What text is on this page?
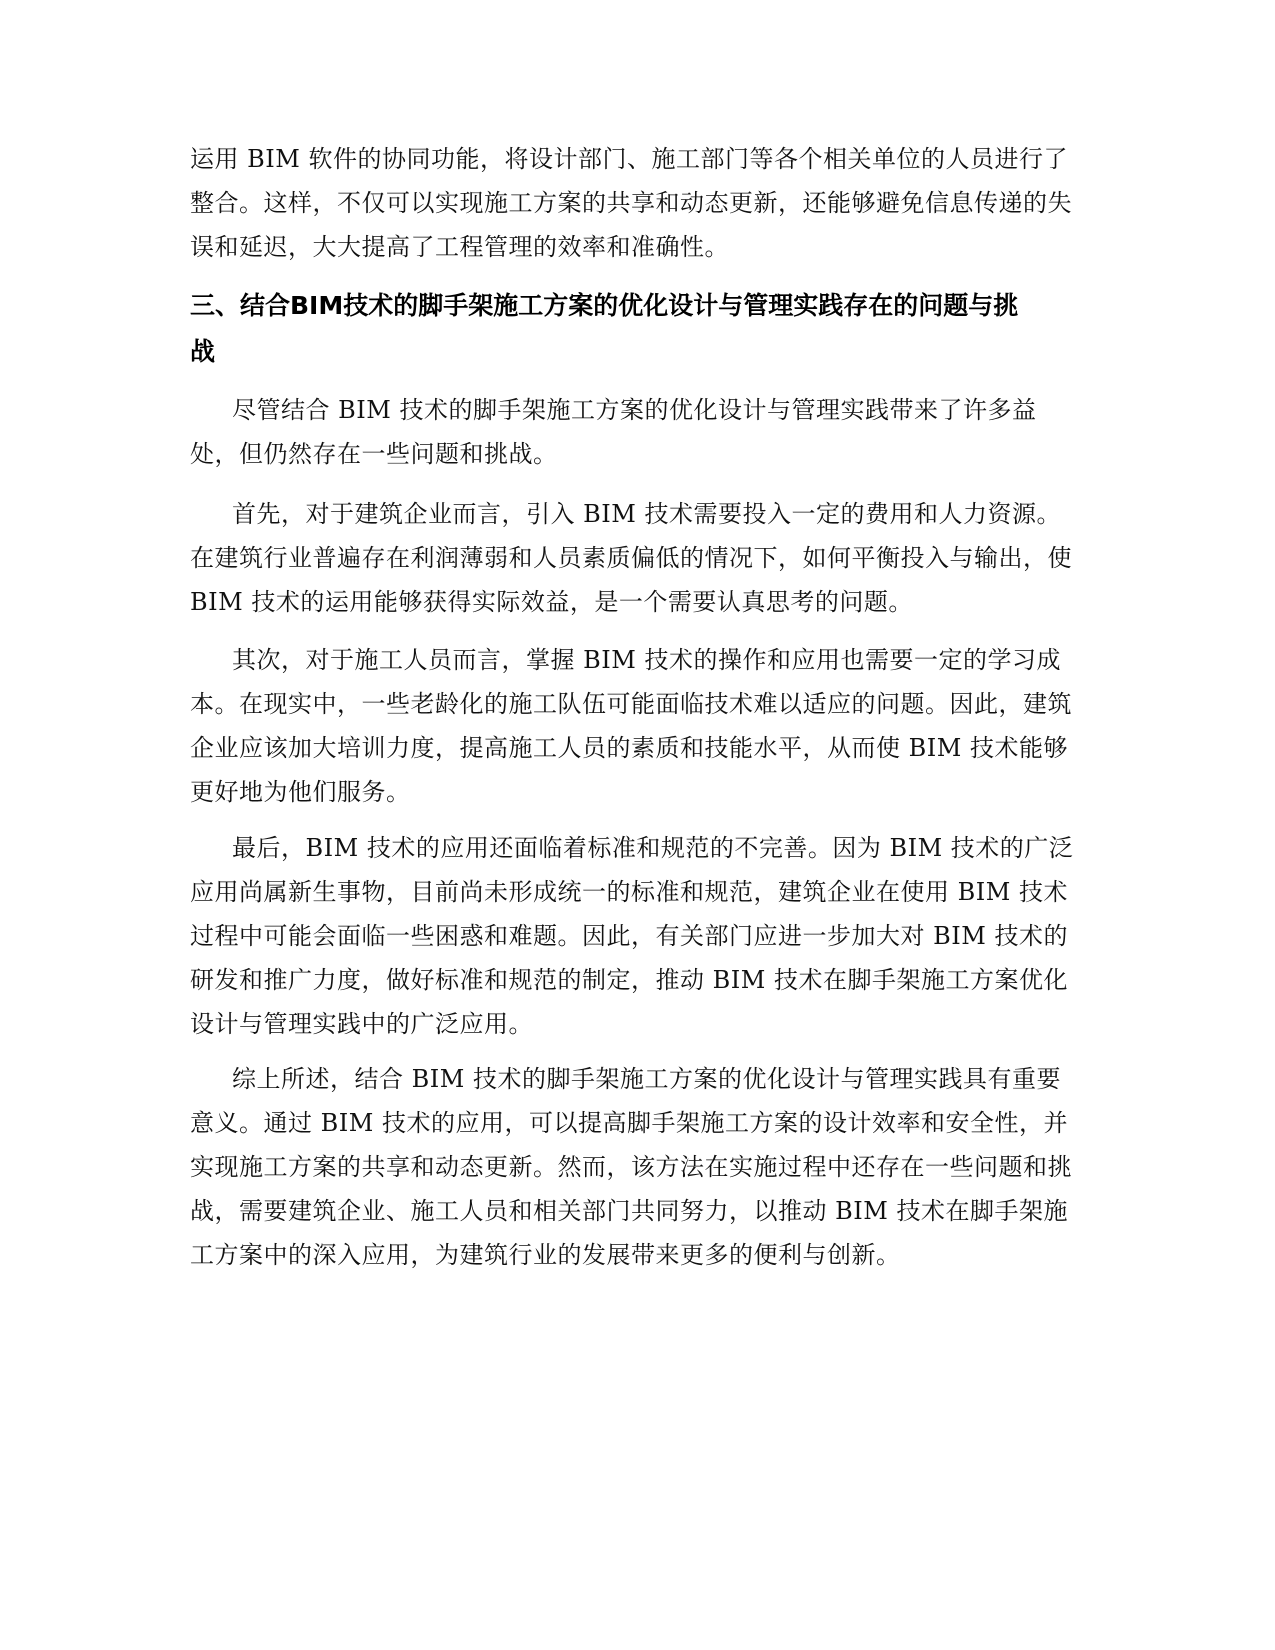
运用 BIM 软件的协同功能，将设计部门、施工部门等各个相关单位的人员进行了
整合。这样，不仅可以实现施工方案的共享和动态更新，还能够避免信息传递的失
误和延迟，大大提高了工程管理的效率和准确性。
三、结合BIM技术的脚手架施工方案的优化设计与管理实践存在的问题与挑
战
尽管结合 BIM 技术的脚手架施工方案的优化设计与管理实践带来了许多益
处，但仍然存在一些问题和挑战。
首先，对于建筑企业而言，引入 BIM 技术需要投入一定的费用和人力资源。
在建筑行业普遍存在利润薄弱和人员素质偏低的情况下，如何平衡投入与输出，使
BIM 技术的运用能够获得实际效益，是一个需要认真思考的问题。
其次，对于施工人员而言，掌握 BIM 技术的操作和应用也需要一定的学习成
本。在现实中，一些老龄化的施工队伍可能面临技术难以适应的问题。因此，建筑
企业应该加大培训力度，提高施工人员的素质和技能水平，从而使 BIM 技术能够
更好地为他们服务。
最后，BIM 技术的应用还面临着标准和规范的不完善。因为 BIM 技术的广泛
应用尚属新生事物，目前尚未形成统一的标准和规范，建筑企业在使用 BIM 技术
过程中可能会面临一些困惑和难题。因此，有关部门应进一步加大对 BIM 技术的
研发和推广力度，做好标准和规范的制定，推动 BIM 技术在脚手架施工方案优化
设计与管理实践中的广泛应用。
综上所述，结合 BIM 技术的脚手架施工方案的优化设计与管理实践具有重要
意义。通过 BIM 技术的应用，可以提高脚手架施工方案的设计效率和安全性，并
实现施工方案的共享和动态更新。然而，该方法在实施过程中还存在一些问题和挑
战，需要建筑企业、施工人员和相关部门共同努力，以推动 BIM 技术在脚手架施
工方案中的深入应用，为建筑行业的发展带来更多的便利与创新。
